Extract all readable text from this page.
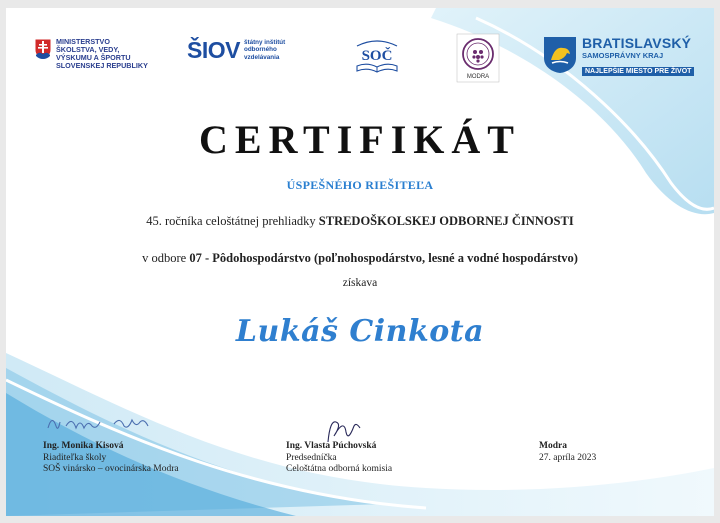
MINISTERSTVO
ŠKOLSTVA, VEDY,
VÝSKUMU A ŠPORTU
SLOVENSKEJ REPUBLIKY
ŠIOV štátny inštitút
odborného
vzdelávania	SOČ
MODRA
BRATISLAVSKÝ
SAMOSPRÁVNY KRAJ
NAJLEPŠIE MIESTO PRE ŽIVOT
CERTIFIKÁT
ÚSPEŠNÉHO RIEŠITEĽA
45. ročníka celoštátnej prehliadky STREDOŠKOLSKEJ ODBORNEJ ČINNOSTI
v odbore 07 - Pôdohospodárstvo (poľnohospodárstvo, lesné a vodné hospodárstvo)
získava
Lukáš Cinkota
Ing. Monika Kisová
Riaditeľka školy
SOŠ vinársko – ovocinárska Modra
Ing. Vlasta Púchovská
Predsedníčka
Celoštátna odborná komisia
Modra
27. apríla 2023
